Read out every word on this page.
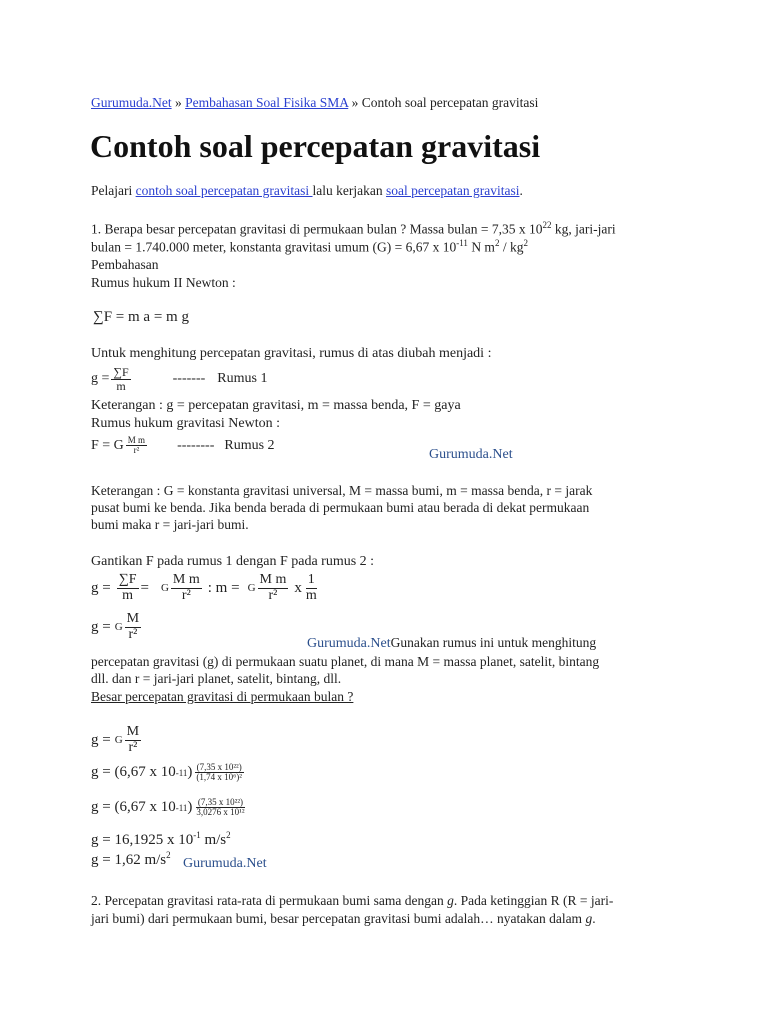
Gurumuda.Net » Pembahasan Soal Fisika SMA » Contoh soal percepatan gravitasi
Contoh soal percepatan gravitasi
Pelajari contoh soal percepatan gravitasi lalu kerjakan soal percepatan gravitasi.
1. Berapa besar percepatan gravitasi di permukaan bulan ? Massa bulan = 7,35 x $10^{22}$ kg, jari-jari
bulan = 1.740.000 meter, konstanta gravitasi umum (G) = 6,67 x $10^{-11}$ N $m^2 / kg^2$
Pembahasan
Rumus hukum II Newton :
∑F = m a = m g
Untuk menghitung percepatan gravitasi, rumus di atas diubah menjadi :
$g = \frac{\sum F}{m}$	------- Rumus 1
Keterangan : g = percepatan gravitasi, m = massa benda, F = gaya
Rumus hukum gravitasi Newton :
F = G $\frac{\text{M m}}{\text{r²}}$ -------- Rumus 2
Gurumuda.Net
Keterangan : G = konstanta gravitasi universal, M = massa bumi, m = massa benda, r = jarak
pusat bumi ke benda. Jika benda berada di permukaan bumi atau berada di dekat permukaan
bumi maka r = jari-jari bumi.
Gantikan F pada rumus 1 dengan F pada rumus 2 :
$g = \frac{\sum F}{m} = G \frac{\text{M m}}{\text{r²}}$ : m = G $\frac{\text{M m}}{\text{r²}}$ x $\frac{1}{m}$
g = G $\frac{M}{\text{r²}}$
Gurumuda.NetGunakan rumus ini untuk menghitung
percepatan gravitasi (g) di permukaan suatu planet, di mana M = massa planet, satelit, bintang
dll. dan r = jari-jari planet, satelit, bintang, dll.
Besar percepatan gravitasi di permukaan bulan ?
g = G $\frac{M}{\text{r²}}$
g = (6,67 x 10 -11 ) $\frac{\text{(7,35 x 10²²)}}{\text{(1,74 x 10⁶)²}}$
g = (6,67 x 10 -11 ) $\frac{\text{(7,35 x 10²²)}}{\text{3,0276 x 10¹²}}$
g = 16,1925 x $10^{-1}$ $m/s^2$
g = 1,62 $m/s^2$
Gurumuda.Net
2. Percepatan gravitasi rata-rata di permukaan bumi sama dengan g. Pada ketinggian R (R = jari-
jari bumi) dari permukaan bumi, besar percepatan gravitasi bumi adalah… nyatakan dalam g.
